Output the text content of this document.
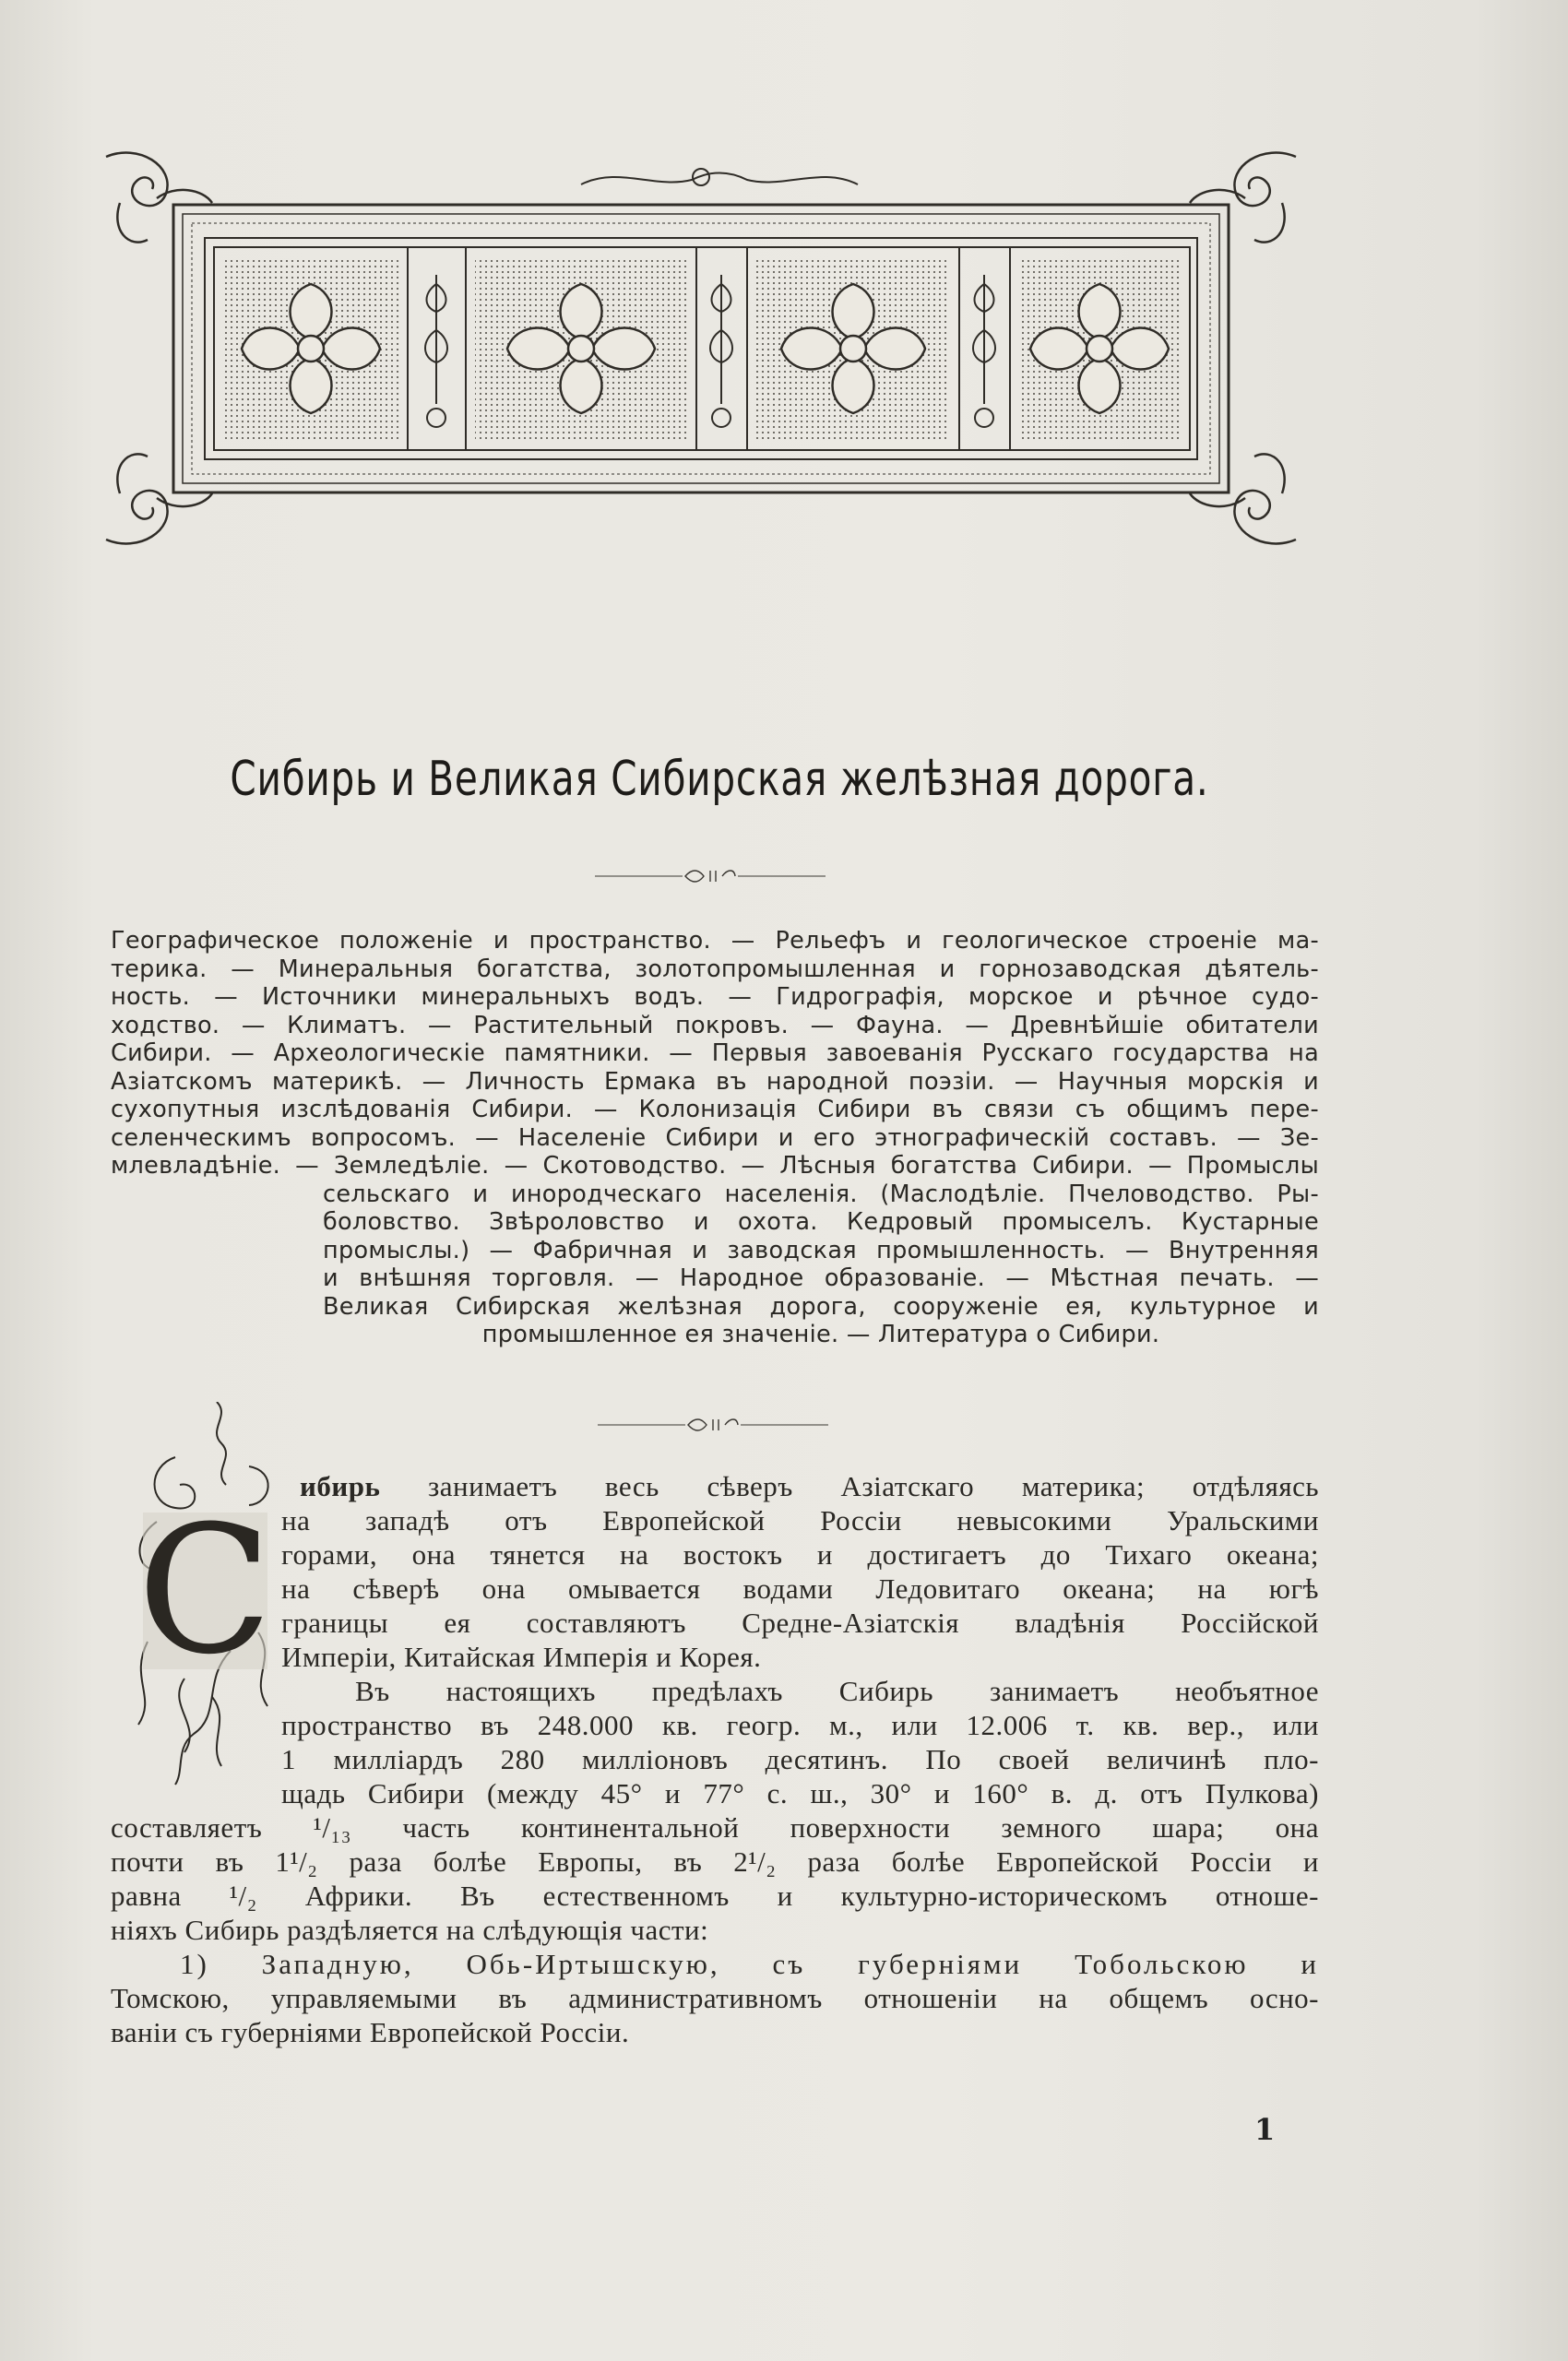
Сибирь и Великая Сибирская желѣзная дорога.
Географическое положеніе и пространство. — Рельефъ и геологическое строеніе ма-
терика. — Минеральныя богатства, золотопромышленная и горнозаводская дѣятель-
ность. — Источники минеральныхъ водъ. — Гидрографія, морское и рѣчное судо-
ходство. — Климатъ. — Растительный покровъ. — Фауна. — Древнѣйшіе обитатели
Сибири. — Археологическіе памятники. — Первыя завоеванія Русскаго государства на
Азіатскомъ материкѣ. — Личность Ермака въ народной поэзіи. — Научныя морскія и
сухопутныя изслѣдованія Сибири. — Колонизація Сибири въ связи съ общимъ пере-
селенческимъ вопросомъ. — Населеніе Сибири и его этнографическій составъ. — Зе-
млевладѣніе. — Земледѣліе. — Скотоводство. — Лѣсныя богатства Сибири. — Промыслы
сельскаго и инородческаго населенія. (Маслодѣліе. Пчеловодство. Ры-
боловство. Звѣроловство и охота. Кедровый промыселъ. Кустарные
промыслы.) — Фабричная и заводская промышленность. — Внутренняя
и внѣшняя торговля. — Народное образованіе. — Мѣстная печать. —
Великая Сибирская желѣзная дорога, сооруженіе ея, культурное и
промышленное ея значеніе. — Литература о Сибири.
С
ибирь занимаетъ весь сѣверъ Азіатскаго материка; отдѣляясь
на западѣ отъ Европейской Россіи невысокими Уральскими
горами, она тянется на востокъ и достигаетъ до Тихаго океана;
на сѣверѣ она омывается водами Ледовитаго океана; на югѣ
границы ея составляютъ Средне-Азіатскія владѣнія Россійской
Имперіи, Китайская Имперія и Корея.
Въ настоящихъ предѣлахъ Сибирь занимаетъ необъятное
пространство въ 248.000 кв. геогр. м., или 12.006 т. кв. вер., или
1 милліардъ 280 милліоновъ десятинъ. По своей величинѣ пло-
щадь Сибири (между 45° и 77° с. ш., 30° и 160° в. д. отъ Пулкова)
составляетъ ¹/₁₃ часть континентальной поверхности земного шара; она
почти въ 1¹/₂ раза болѣе Европы, въ 2¹/₂ раза болѣе Европейской Россіи и
равна ¹/₂ Африки. Въ естественномъ и культурно-историческомъ отноше-
ніяхъ Сибирь раздѣляется на слѣдующія части:
1) Западную, Обь-Иртышскую, съ губерніями Тобольскою и
Томскою, управляемыми въ административномъ отношеніи на общемъ осно-
ваніи съ губерніями Европейской Россіи.
1
